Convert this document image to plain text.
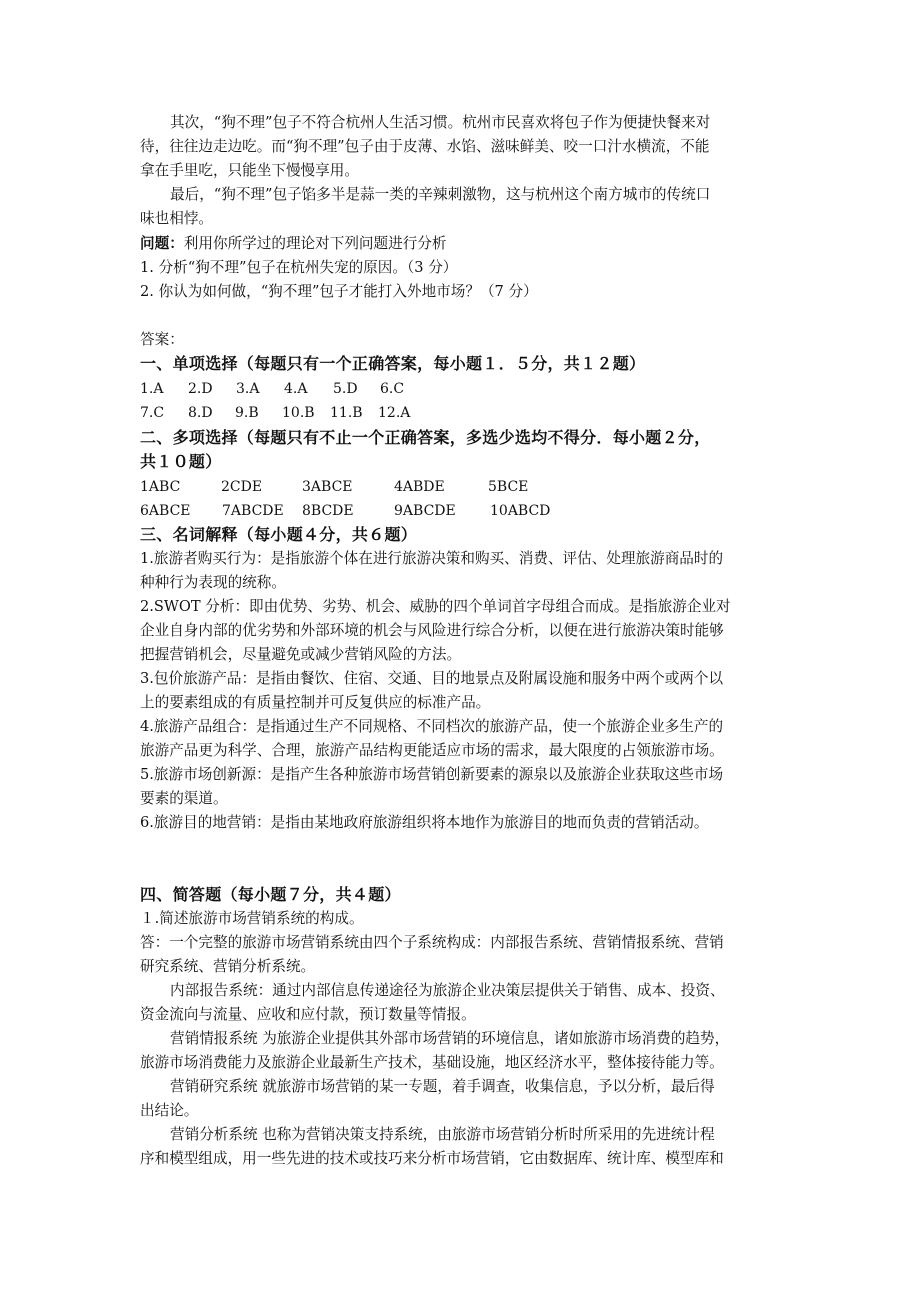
其次，“狗不理”包子不符合杭州人生活习惯。杭州市民喜欢将包子作为便捷快餐来对
待，往往边走边吃。而“狗不理”包子由于皮薄、水馅、滋味鲜美、咬一口汁水横流，不能
拿在手里吃，只能坐下慢慢享用。
最后，“狗不理”包子馅多半是蒜一类的辛辣刺激物，这与杭州这个南方城市的传统口
味也相悖。
问题：利用你所学过的理论对下列问题进行分析
1. 分析“狗不理”包子在杭州失宠的原因。（3 分）
2. 你认为如何做，“狗不理”包子才能打入外地市场？（7 分）
答案：
一、单项选择（每题只有一个正确答案，每小题１．５分，共１２题）
1.A 2.D 3.A 4.A 5.D 6.C
7.C 8.D 9.B 10.B 11.B 12.A
二、多项选择（每题只有不止一个正确答案，多选少选均不得分．每小题２分，
共１０题）
1ABC	2CDE	3ABCE	4ABDE	5BCE
6ABCE 7ABCDE 8BCDE	9ABCDE 10ABCD
三、名词解释（每小题４分，共６题）
1.旅游者购买行为：是指旅游个体在进行旅游决策和购买、消费、评估、处理旅游商品时的
种种行为表现的统称。
2.SWOT 分析：即由优势、劣势、机会、威胁的四个单词首字母组合而成。是指旅游企业对
企业自身内部的优劣势和外部环境的机会与风险进行综合分析，以便在进行旅游决策时能够
把握营销机会，尽量避免或减少营销风险的方法。
3.包价旅游产品：是指由餐饮、住宿、交通、目的地景点及附属设施和服务中两个或两个以
上的要素组成的有质量控制并可反复供应的标准产品。
4.旅游产品组合：是指通过生产不同规格、不同档次的旅游产品，使一个旅游企业多生产的
旅游产品更为科学、合理，旅游产品结构更能适应市场的需求，最大限度的占领旅游市场。
5.旅游市场创新源：是指产生各种旅游市场营销创新要素的源泉以及旅游企业获取这些市场
要素的渠道。
6.旅游目的地营销：是指由某地政府旅游组织将本地作为旅游目的地而负责的营销活动。
四、简答题（每小题７分，共４题）
１.简述旅游市场营销系统的构成。
答：一个完整的旅游市场营销系统由四个子系统构成：内部报告系统、营销情报系统、营销
研究系统、营销分析系统。
内部报告系统：通过内部信息传递途径为旅游企业决策层提供关于销售、成本、投资、
资金流向与流量、应收和应付款，预订数量等情报。
营销情报系统 为旅游企业提供其外部市场营销的环境信息，诸如旅游市场消费的趋势，
旅游市场消费能力及旅游企业最新生产技术，基础设施，地区经济水平，整体接待能力等。
营销研究系统 就旅游市场营销的某一专题，着手调查，收集信息，予以分析，最后得
出结论。
营销分析系统 也称为营销决策支持系统，由旅游市场营销分析时所采用的先进统计程
序和模型组成，用一些先进的技术或技巧来分析市场营销，它由数据库、统计库、模型库和
